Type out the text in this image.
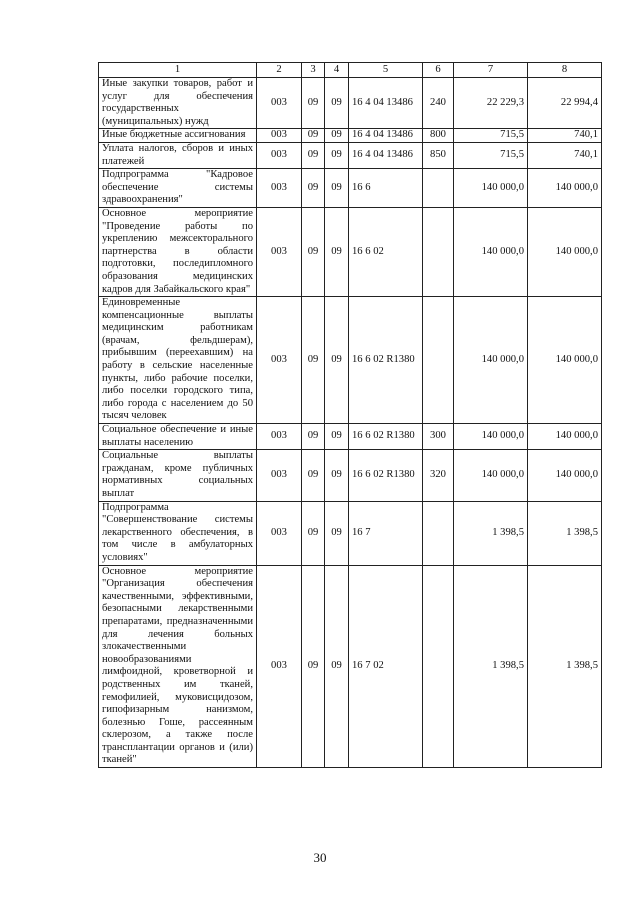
1	2	3	4	5	6	7	8
Иные закупки товаров, работ и услуг для обеспечения государственных (муниципальных) нужд	003	09	09	16 4 04 13486	240	22 229,3	22 994,4
Иные бюджетные ассигнования	003	09	09	16 4 04 13486	800	715,5	740,1
Уплата налогов, сборов и иных платежей	003	09	09	16 4 04 13486	850	715,5	740,1
Подпрограмма "Кадровое обеспечение системы здравоохранения"	003	09	09	16 6		140 000,0	140 000,0
Основное мероприятие "Проведение работы по укреплению межсекторального партнерства в области подготовки, последипломного образования медицинских кадров для Забайкальского края"	003	09	09	16 6 02		140 000,0	140 000,0
Единовременные компенсационные выплаты медицинским работникам (врачам, фельдшерам), прибывшим (переехавшим) на работу в сельские населенные пункты, либо рабочие поселки, либо поселки городского типа, либо города с населением до 50 тысяч человек	003	09	09	16 6 02 R1380		140 000,0	140 000,0
Социальное обеспечение и иные выплаты населению	003	09	09	16 6 02 R1380	300	140 000,0	140 000,0
Социальные выплаты гражданам, кроме публичных нормативных социальных выплат	003	09	09	16 6 02 R1380	320	140 000,0	140 000,0
Подпрограмма "Совершенствование системы лекарственного обеспечения, в том числе в амбулаторных условиях"	003	09	09	16 7		1 398,5	1 398,5
Основное мероприятие "Организация обеспечения качественными, эффективными, безопасными лекарственными препаратами, предназначенными для лечения больных злокачественными новообразованиями лимфоидной, кроветворной и родственных им тканей, гемофилией, муковисцидозом, гипофизарным нанизмом, болезнью Гоше, рассеянным склерозом, а также после трансплантации органов и (или) тканей"	003	09	09	16 7 02		1 398,5	1 398,5
30
